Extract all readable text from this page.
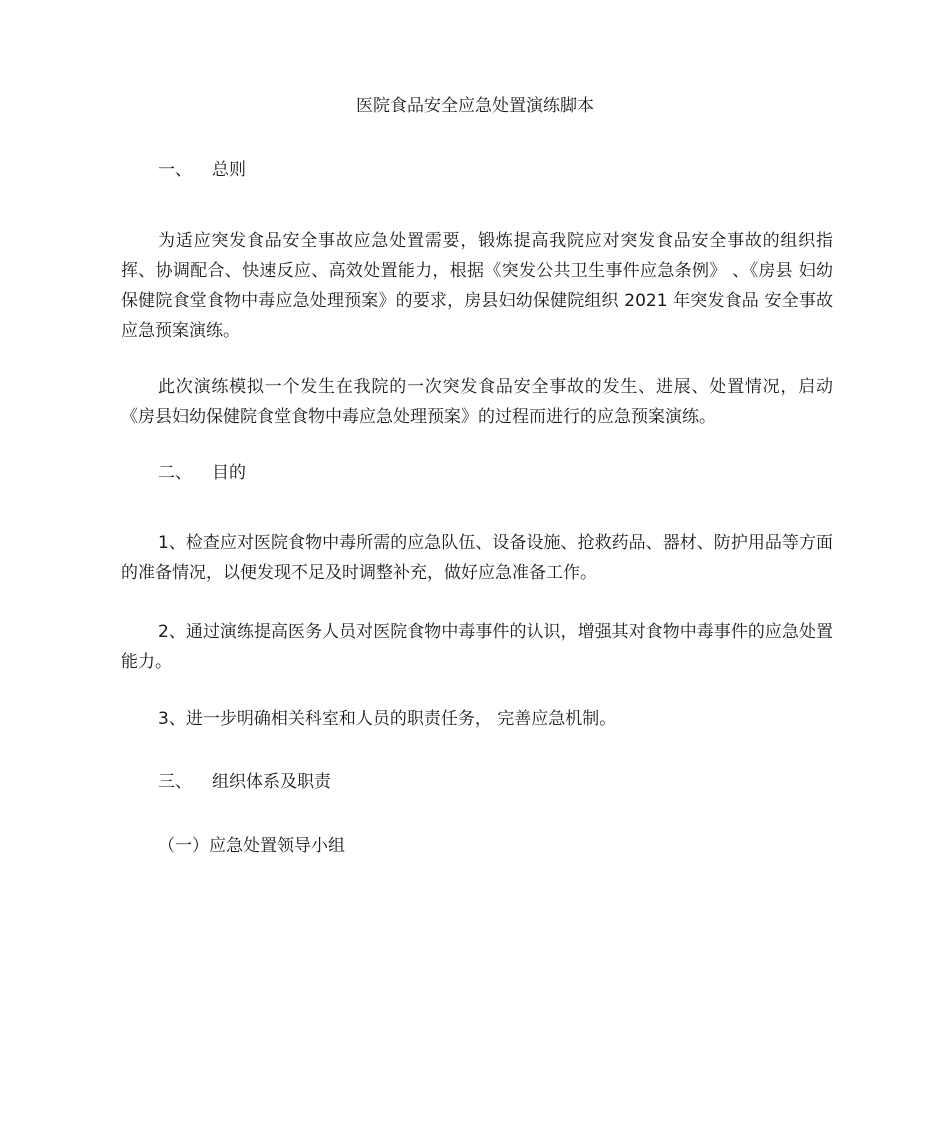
医院食品安全应急处置演练脚本
一、 总则
为适应突发食品安全事故应急处置需要，锻炼提高我院应对突发食品安全事故的组织指挥、协调配合、快速反应、高效处置能力，根据《突发公共卫生事件应急条例》 、《房县 妇幼保健院食堂食物中毒应急处理预案》的要求，房县妇幼保健院组织 2021 年突发食品 安全事故应急预案演练。
此次演练模拟一个发生在我院的一次突发食品安全事故的发生、进展、处置情况，启动《房县妇幼保健院食堂食物中毒应急处理预案》的过程而进行的应急预案演练。
二、 目的
1、检查应对医院食物中毒所需的应急队伍、设备设施、抢救药品、器材、防护用品等方面的准备情况，以便发现不足及时调整补充，做好应急准备工作。
2、通过演练提高医务人员对医院食物中毒事件的认识，增强其对食物中毒事件的应急处置能力。
3、进一步明确相关科室和人员的职责任务， 完善应急机制。
三、 组织体系及职责
（一）应急处置领导小组
